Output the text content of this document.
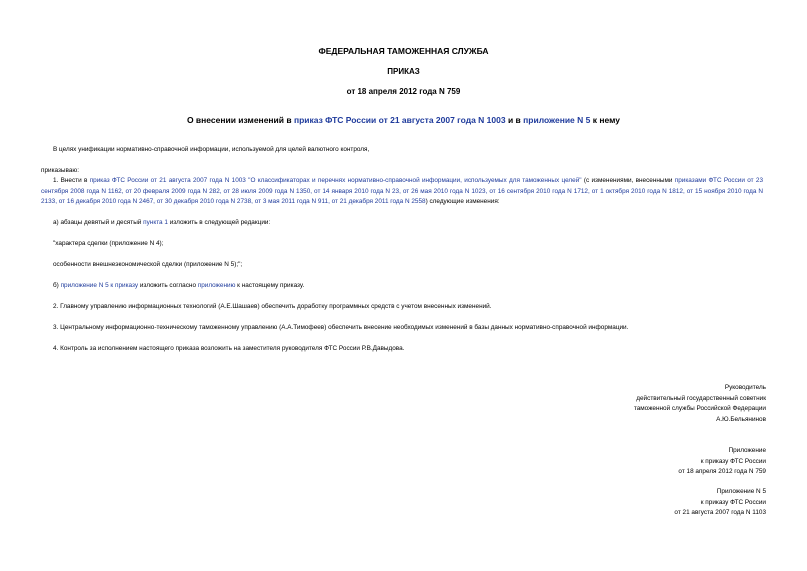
ФЕДЕРАЛЬНАЯ ТАМОЖЕННАЯ СЛУЖБА
ПРИКАЗ
от 18 апреля 2012 года N 759
О внесении изменений в приказ ФТС России от 21 августа 2007 года N 1003 и в приложение N 5 к нему
В целях унификации нормативно-справочной информации, используемой для целей валютного контроля,
приказываю:
1. Внести в приказ ФТС России от 21 августа 2007 года N 1003 "О классификаторах и перечнях нормативно-справочной информации, используемых для таможенных целей" (с изменениями, внесенными приказами ФТС России от 23 сентября 2008 года N 1162, от 20 февраля 2009 года N 282, от 28 июля 2009 года N 1350, от 14 января 2010 года N 23, от 26 мая 2010 года N 1023, от 16 сентября 2010 года N 1712, от 1 октября 2010 года N 1812, от 15 ноября 2010 года N 2133, от 16 декабря 2010 года N 2467, от 30 декабря 2010 года N 2738, от 3 мая 2011 года N 911, от 21 декабря 2011 года N 2558) следующие изменения:
а) абзацы девятый и десятый пункта 1 изложить в следующей редакции:
"характера сделки (приложение N 4);
особенности внешнеэкономической сделки (приложение N 5);";
б) приложение N 5 к приказу изложить согласно приложению к настоящему приказу.
2. Главному управлению информационных технологий (А.Е.Шашаев) обеспечить доработку программных средств с учетом внесенных изменений.
3. Центральному информационно-техническому таможенному управлению (А.А.Тимофеев) обеспечить внесение необходимых изменений в базы данных нормативно-справочной информации.
4. Контроль за исполнением настоящего приказа возложить на заместителя руководителя ФТС России Р.В.Давыдова.
Руководитель
действительный государственный советник
таможенной службы Российской Федерации
А.Ю.Бельянинов
Приложение
к приказу ФТС России
от 18 апреля 2012 года N 759
Приложение N 5
к приказу ФТС России
от 21 августа 2007 года N 1103
